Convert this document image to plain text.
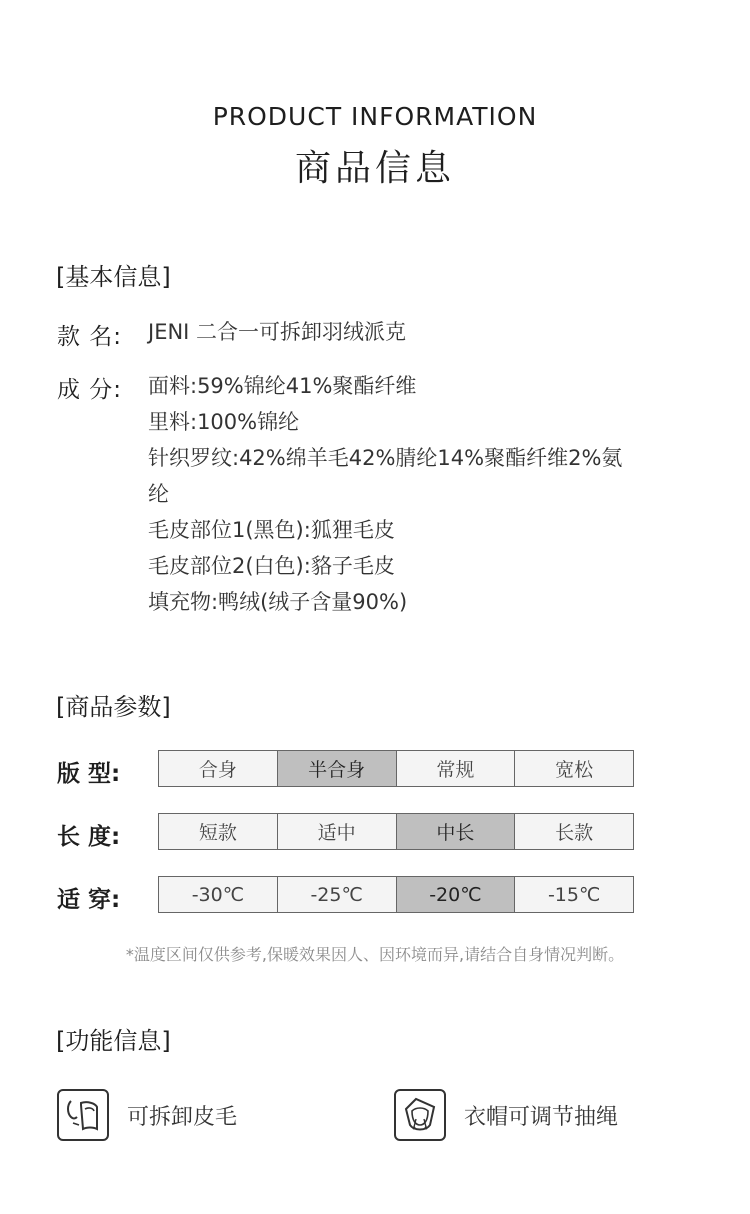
PRODUCT INFORMATION
商品信息
[基本信息]
款 名: JENI 二合一可拆卸羽绒派克
成 分: 面料:59%锦纶41%聚酯纤维
里料:100%锦纶
针织罗纹:42%绵羊毛42%腈纶14%聚酯纤维2%氨
纶
毛皮部位1(黑色):狐狸毛皮
毛皮部位2(白色):貉子毛皮
填充物:鸭绒(绒子含量90%)
[商品参数]
版 型:	合身	半合身	常规	宽松
长 度:	短款	适中	中长	长款
适 穿:	-30℃	-25℃	-20℃	-15℃
*温度区间仅供参考,保暖效果因人、因环境而异,请结合自身情况判断。
[功能信息]
可拆卸皮毛	衣帽可调节抽绳
